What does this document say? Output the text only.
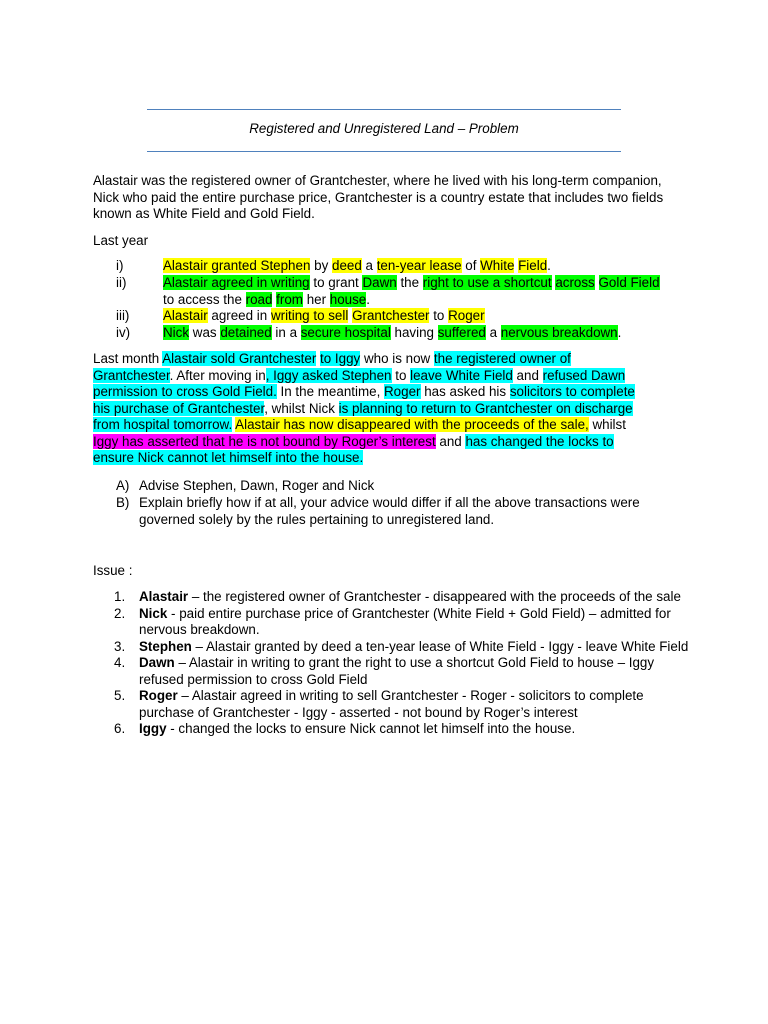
Registered and Unregistered Land – Problem

Alastair was the registered owner of Grantchester, where he lived with his long-term companion, Nick who paid the entire purchase price, Grantchester is a country estate that includes two fields known as White Field and Gold Field.

Last year

i)	Alastair granted Stephen by deed a ten-year lease of White Field.
ii)	Alastair agreed in writing to grant Dawn the right to use a shortcut across Gold Field to access the road from her house.
iii)	Alastair agreed in writing to sell Grantchester to Roger
iv) Nick was detained in a secure hospital having suffered a nervous breakdown.

Last month Alastair sold Grantchester to Iggy who is now the registered owner of Grantchester. After moving in, Iggy asked Stephen to leave White Field and refused Dawn permission to cross Gold Field. In the meantime, Roger has asked his solicitors to complete his purchase of Grantchester, whilst Nick is planning to return to Grantchester on discharge from hospital tomorrow. Alastair has now disappeared with the proceeds of the sale, whilst Iggy has asserted that he is not bound by Roger’s interest and has changed the locks to ensure Nick cannot let himself into the house.

A) Advise Stephen, Dawn, Roger and Nick
B) Explain briefly how if at all, your advice would differ if all the above transactions were governed solely by the rules pertaining to unregistered land.

Issue :

1. Alastair – the registered owner of Grantchester - disappeared with the proceeds of the sale
2. Nick - paid entire purchase price of Grantchester (White Field + Gold Field) – admitted for nervous breakdown.
3. Stephen – Alastair granted by deed a ten-year lease of White Field - Iggy - leave White Field
4. Dawn – Alastair in writing to grant the right to use a shortcut Gold Field to house – Iggy refused permission to cross Gold Field
5. Roger – Alastair agreed in writing to sell Grantchester - Roger - solicitors to complete purchase of Grantchester - Iggy - asserted - not bound by Roger’s interest
6. Iggy - changed the locks to ensure Nick cannot let himself into the house.
